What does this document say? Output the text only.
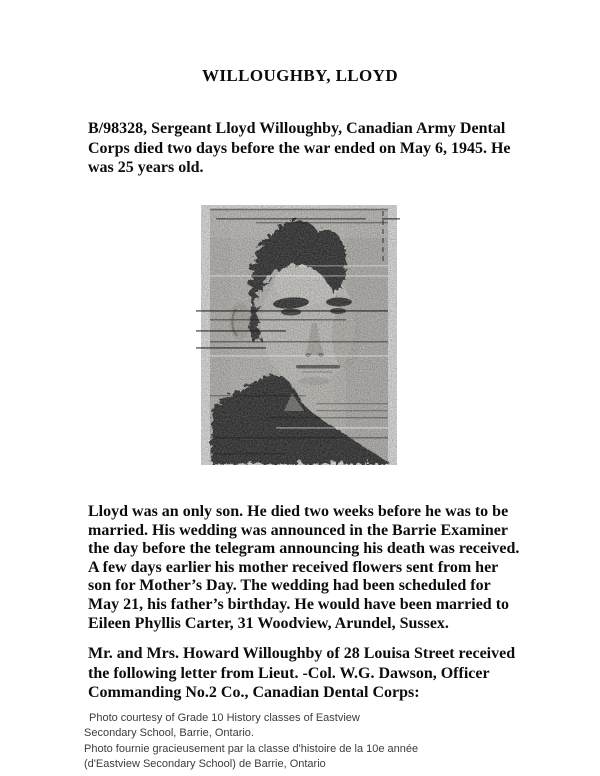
WILLOUGHBY, LLOYD
B/98328, Sergeant Lloyd Willoughby, Canadian Army Dental
Corps died two days before the war ended on May 6, 1945. He
was 25 years old.
Lloyd was an only son. He died two weeks before he was to be
married. His wedding was announced in the Barrie Examiner
the day before the telegram announcing his death was received.
A few days earlier his mother received flowers sent from her
son for Mother’s Day. The wedding had been scheduled for
May 21, his father’s birthday. He would have been married to
Eileen Phyllis Carter, 31 Woodview, Arundel, Sussex.
Mr. and Mrs. Howard Willoughby of 28 Louisa Street received
the following letter from Lieut. -Col. W.G. Dawson, Officer
Commanding No.2 Co., Canadian Dental Corps:
Photo courtesy of Grade 10 History classes of Eastview
Secondary School, Barrie, Ontario.
Photo fournie gracieusement par la classe d'histoire de la 10e année
(d'Eastview Secondary School) de Barrie, Ontario
